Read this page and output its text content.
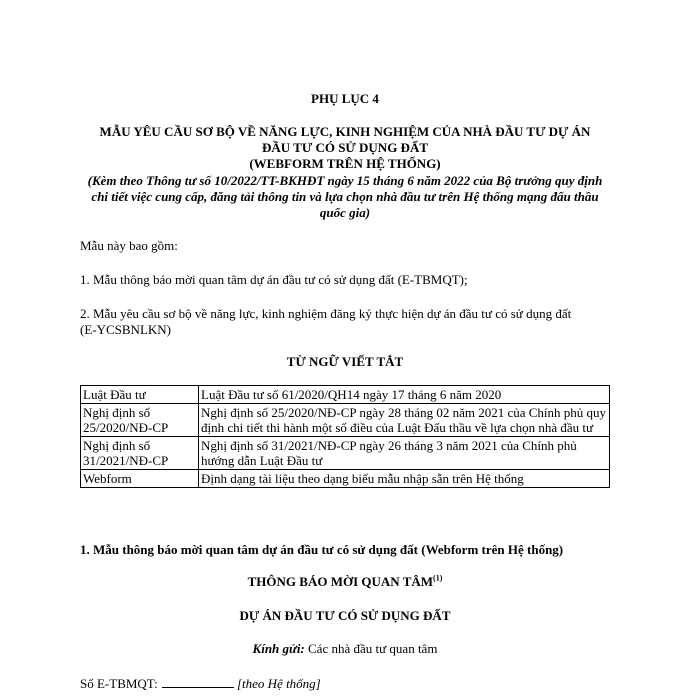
PHỤ LỤC 4
MẪU YÊU CẦU SƠ BỘ VỀ NĂNG LỰC, KINH NGHIỆM CỦA NHÀ ĐẦU TƯ DỰ ÁN
ĐẦU TƯ CÓ SỬ DỤNG ĐẤT
(WEBFORM TRÊN HỆ THỐNG)
(Kèm theo Thông tư số 10/2022/TT-BKHĐT ngày 15 tháng 6 năm 2022 của Bộ trưởng quy định
chi tiết việc cung cấp, đăng tải thông tin và lựa chọn nhà đầu tư trên Hệ thống mạng đấu thầu
quốc gia)
Mẫu này bao gồm:
1. Mẫu thông báo mời quan tâm dự án đầu tư có sử dụng đất (E-TBMQT);
2. Mẫu yêu cầu sơ bộ về năng lực, kinh nghiệm đăng ký thực hiện dự án đầu tư có sử dụng đất
(E-YCSBNLKN)
TỪ NGỮ VIẾT TẮT
Luật Đầu tư	Luật Đầu tư số 61/2020/QH14 ngày 17 tháng 6 năm 2020
Nghị định số 25/2020/NĐ-CP	Nghị định số 25/2020/NĐ-CP ngày 28 tháng 02 năm 2021 của Chính phủ quy định chi tiết thi hành một số điều của Luật Đấu thầu về lựa chọn nhà đầu tư
Nghị định số 31/2021/NĐ-CP	Nghị định số 31/2021/NĐ-CP ngày 26 tháng 3 năm 2021 của Chính phủ hướng dẫn Luật Đầu tư
Webform	Định dạng tài liệu theo dạng biểu mẫu nhập sẵn trên Hệ thống
1. Mẫu thông báo mời quan tâm dự án đầu tư có sử dụng đất (Webform trên Hệ thống)
THÔNG BÁO MỜI QUAN TÂM$^{(1)}$
DỰ ÁN ĐẦU TƯ CÓ SỬ DỤNG ĐẤT
Kính gửi: Các nhà đầu tư quan tâm
Số E-TBMQT:	[theo Hệ thống]
